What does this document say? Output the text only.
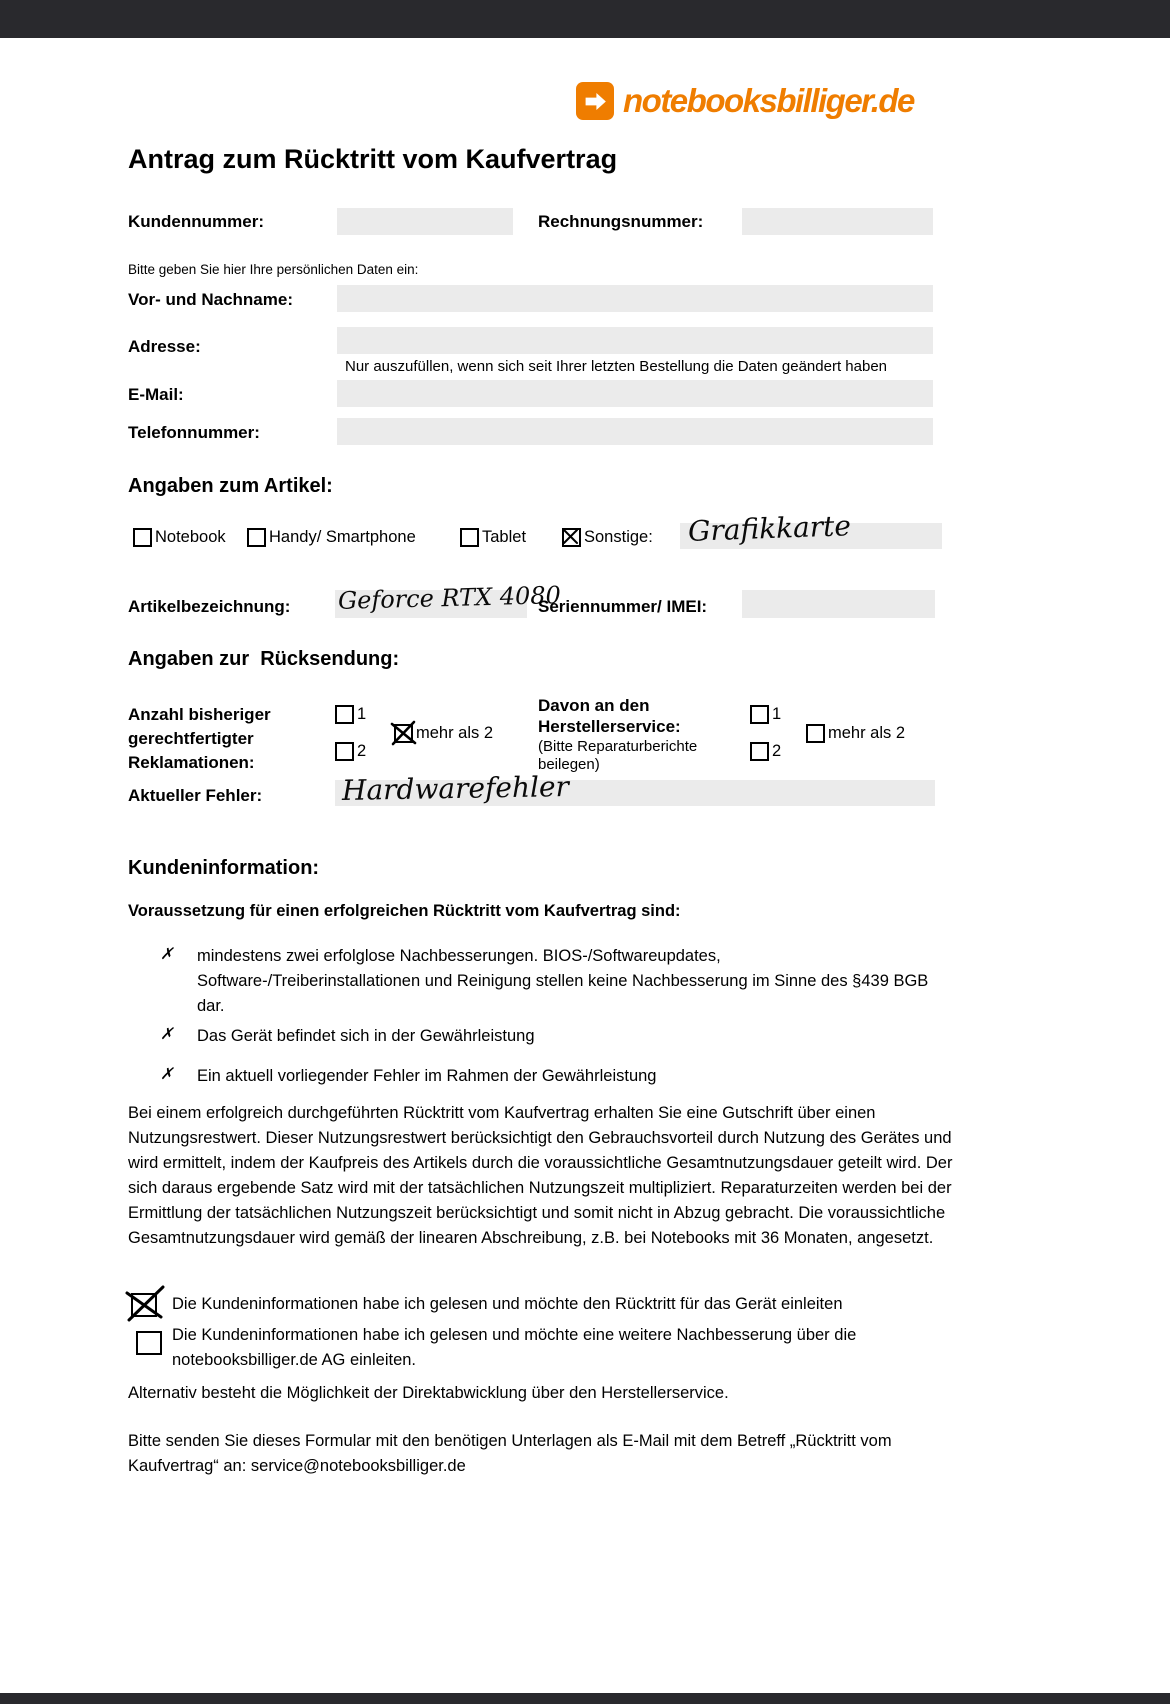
notebooksbilliger.de
Antrag zum Rücktritt vom Kaufvertrag
Kundennummer:	Rechnungsnummer:
Bitte geben Sie hier Ihre persönlichen Daten ein:
Vor- und Nachname:
Adresse:
Nur auszufüllen, wenn sich seit Ihrer letzten Bestellung die Daten geändert haben
E-Mail:
Telefonnummer:
Angaben zum Artikel:
Notebook	Handy/ Smartphone	Tablet	Sonstige: Grafikkarte
Artikelbezeichnung: Geforce RTX 4080
Seriennummer/ IMEI:
Angaben zur  Rücksendung:
Anzahl bisheriger gerechtfertigter Reklamationen:
1
mehr als 2
2
Davon an den Herstellerservice:
(Bitte Reparaturberichte beilegen)
1
mehr als 2
2
Aktueller Fehler:	Hardwarefehler
Kundeninformation:
Voraussetzung für einen erfolgreichen Rücktritt vom Kaufvertrag sind:
✗	mindestens zwei erfolglose Nachbesserungen. BIOS-/Softwareupdates, Software-/Treiberinstallationen und Reinigung stellen keine Nachbesserung im Sinne des §439 BGB dar.
✗	Das Gerät befindet sich in der Gewährleistung
✗	Ein aktuell vorliegender Fehler im Rahmen der Gewährleistung
Bei einem erfolgreich durchgeführten Rücktritt vom Kaufvertrag erhalten Sie eine Gutschrift über einen Nutzungsrestwert. Dieser Nutzungsrestwert berücksichtigt den Gebrauchsvorteil durch Nutzung des Gerätes und wird ermittelt, indem der Kaufpreis des Artikels durch die voraussichtliche Gesamtnutzungsdauer geteilt wird. Der sich daraus ergebende Satz wird mit der tatsächlichen Nutzungszeit multipliziert. Reparaturzeiten werden bei der Ermittlung der tatsächlichen Nutzungszeit berücksichtigt und somit nicht in Abzug gebracht. Die voraussichtliche Gesamtnutzungsdauer wird gemäß der linearen Abschreibung, z.B. bei Notebooks mit 36 Monaten, angesetzt.
Die Kundeninformationen habe ich gelesen und möchte den Rücktritt für das Gerät einleiten
Die Kundeninformationen habe ich gelesen und möchte eine weitere Nachbesserung über die notebooksbilliger.de AG einleiten.
Alternativ besteht die Möglichkeit der Direktabwicklung über den Herstellerservice.
Bitte senden Sie dieses Formular mit den benötigen Unterlagen als E-Mail mit dem Betreff „Rücktritt vom Kaufvertrag“ an: service@notebooksbilliger.de
